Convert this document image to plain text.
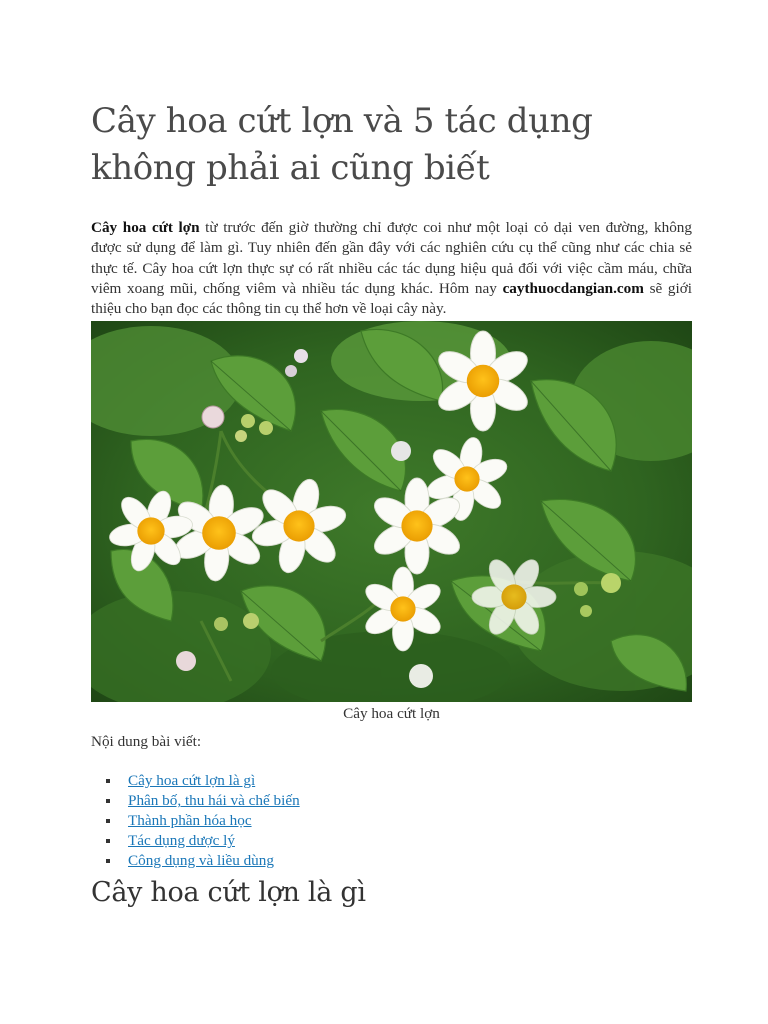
Cây hoa cứt lợn và 5 tác dụng không phải ai cũng biết

Cây hoa cứt lợn từ trước đến giờ thường chỉ được coi như một loại cỏ dại ven đường, không được sử dụng để làm gì. Tuy nhiên đến gần đây với các nghiên cứu cụ thể cũng như các chia sẻ thực tế. Cây hoa cứt lợn thực sự có rất nhiều các tác dụng hiệu quả đối với việc cầm máu, chữa viêm xoang mũi, chống viêm và nhiều tác dụng khác. Hôm nay caythuocdangian.com sẽ giới thiệu cho bạn đọc các thông tin cụ thể hơn về loại cây này.

Cây hoa cứt lợn
Nội dung bài viết:
Cây hoa cứt lợn là gì
Phân bố, thu hái và chế biến
Thành phần hóa học
Tác dụng dược lý
Công dụng và liều dùng
Cây hoa cứt lợn là gì
